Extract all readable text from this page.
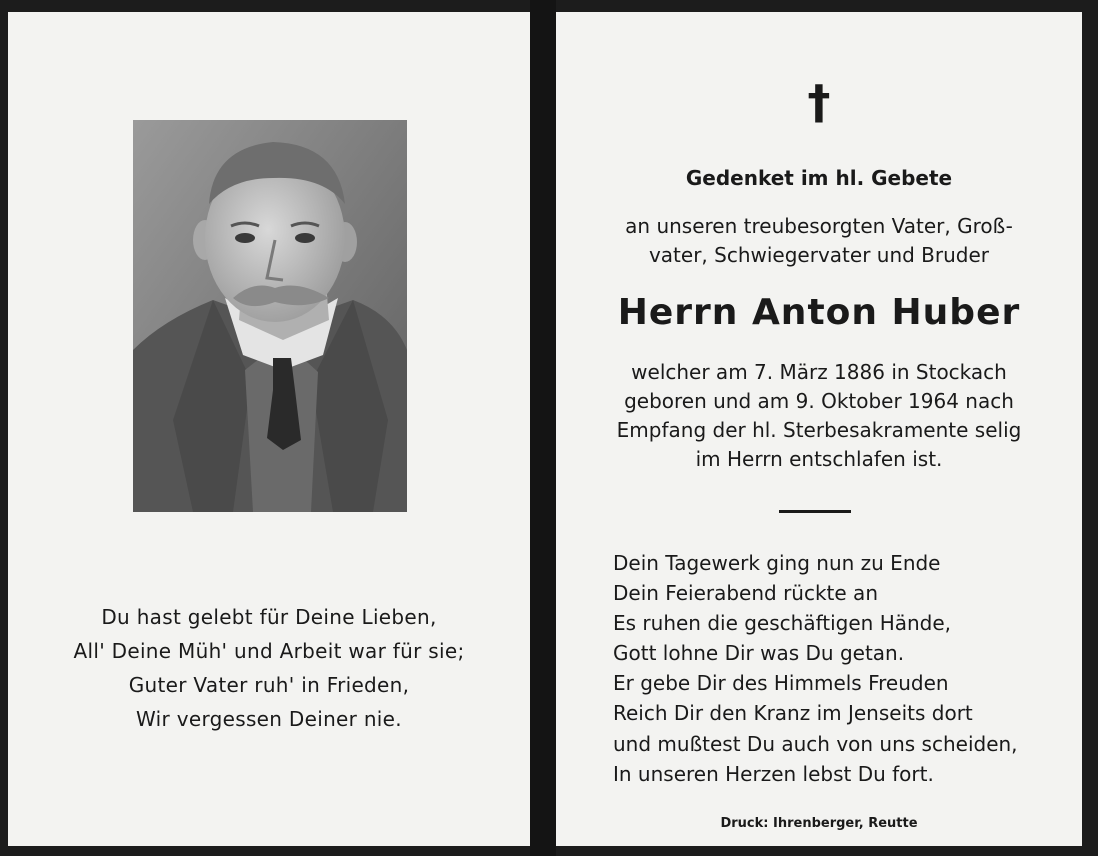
Du hast gelebt für Deine Lieben,
All' Deine Müh' und Arbeit war für sie;
Guter Vater ruh' in Frieden,
Wir vergessen Deiner nie.
†
Gedenket im hl. Gebete
an unseren treubesorgten Vater, Groß-
vater, Schwiegervater und Bruder
Herrn Anton Huber
welcher am 7. März 1886 in Stockach
geboren und am 9. Oktober 1964 nach
Empfang der hl. Sterbesakramente selig
im Herrn entschlafen ist.
Dein Tagewerk ging nun zu Ende
Dein Feierabend rückte an
Es ruhen die geschäftigen Hände,
Gott lohne Dir was Du getan.
Er gebe Dir des Himmels Freuden
Reich Dir den Kranz im Jenseits dort
und mußtest Du auch von uns scheiden,
In unseren Herzen lebst Du fort.
Druck: Ihrenberger, Reutte
